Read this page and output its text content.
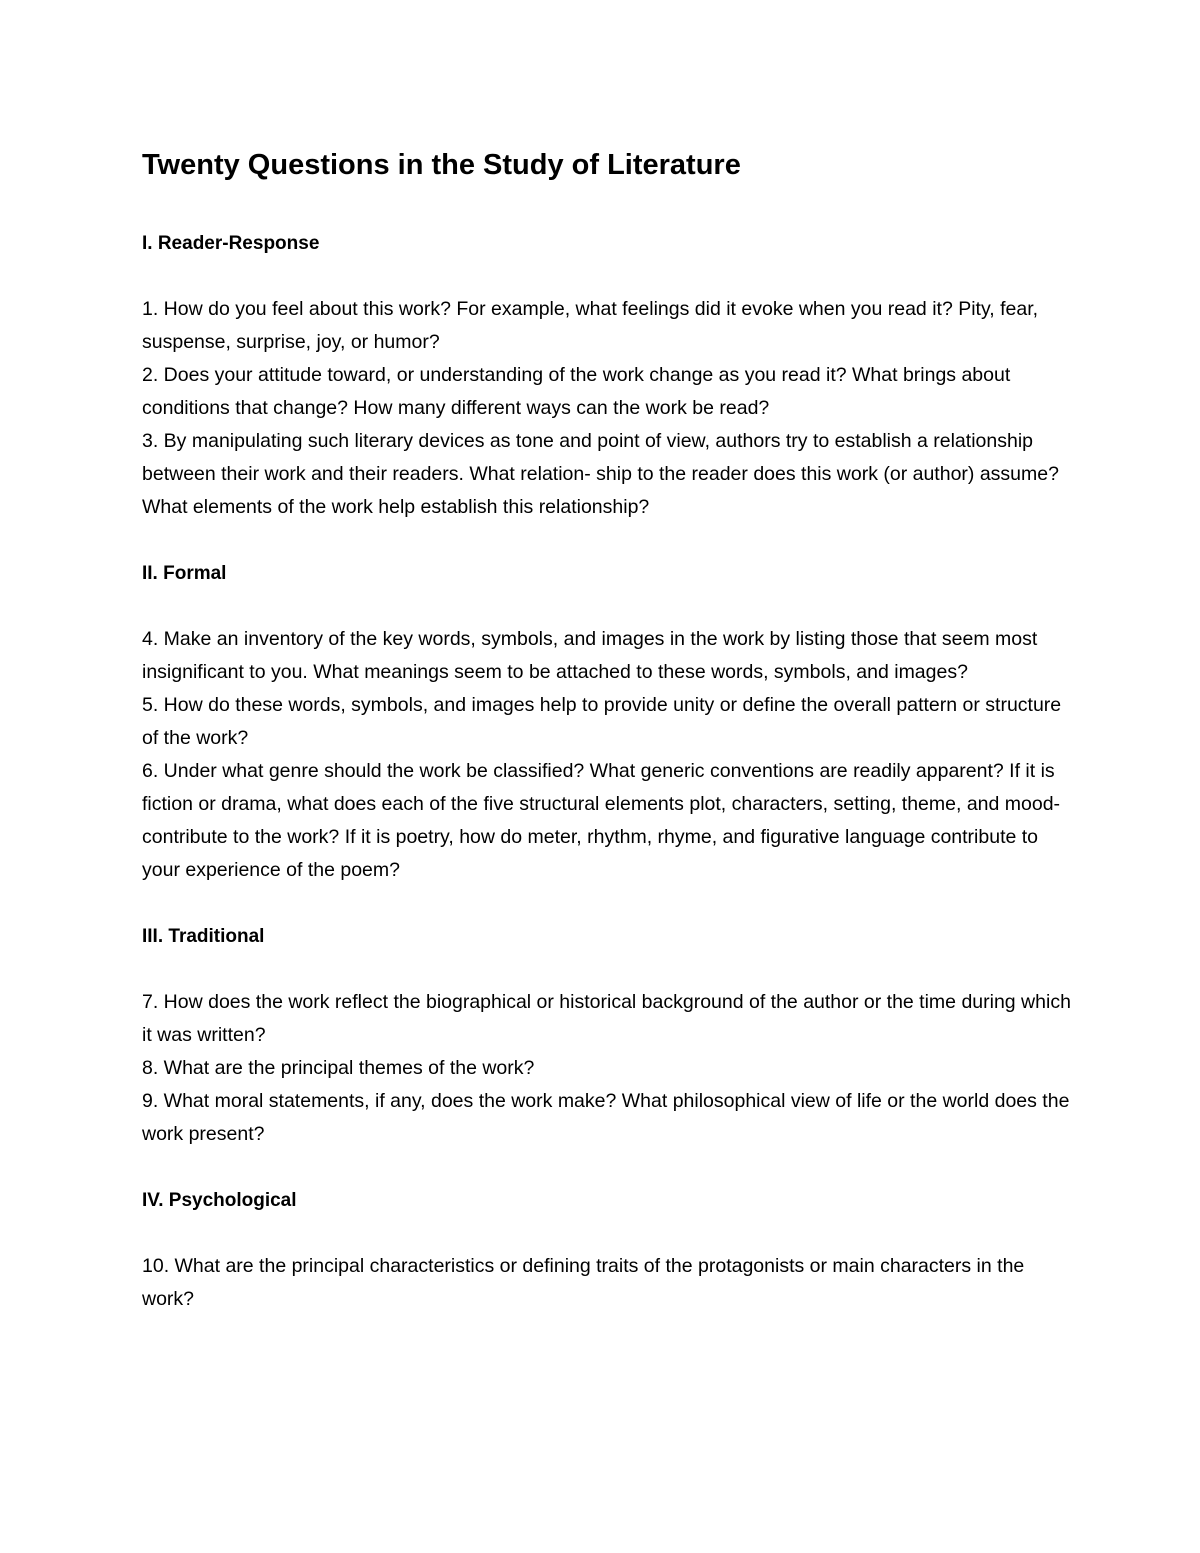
Twenty Questions in the Study of Literature
I. Reader-Response

1. How do you feel about this work? For example, what feelings did it evoke when you read it? Pity, fear, suspense, surprise, joy, or humor?

2. Does your attitude toward, or understanding of the work change as you read it? What brings about conditions that change? How many different ways can the work be read?

3. By manipulating such literary devices as tone and point of view, authors try to establish a relationship between their work and their readers. What relation- ship to the reader does this work (or author) assume? What elements of the work help establish this relationship?

II. Formal

4. Make an inventory of the key words, symbols, and images in the work by listing those that seem most insignificant to you. What meanings seem to be attached to these words, symbols, and images?

5. How do these words, symbols, and images help to provide unity or define the overall pattern or structure of the work?

6. Under what genre should the work be classified? What generic conventions are readily apparent? If it is fiction or drama, what does each of the five structural elements plot, characters, setting, theme, and mood-contribute to the work? If it is poetry, how do meter, rhythm, rhyme, and figurative language contribute to your experience of the poem?

III. Traditional

7. How does the work reflect the biographical or historical background of the author or the time during which it was written?

8. What are the principal themes of the work?

9. What moral statements, if any, does the work make? What philosophical view of life or the world does the work present?

IV. Psychological

10. What are the principal characteristics or defining traits of the protagonists or main characters in the work?
